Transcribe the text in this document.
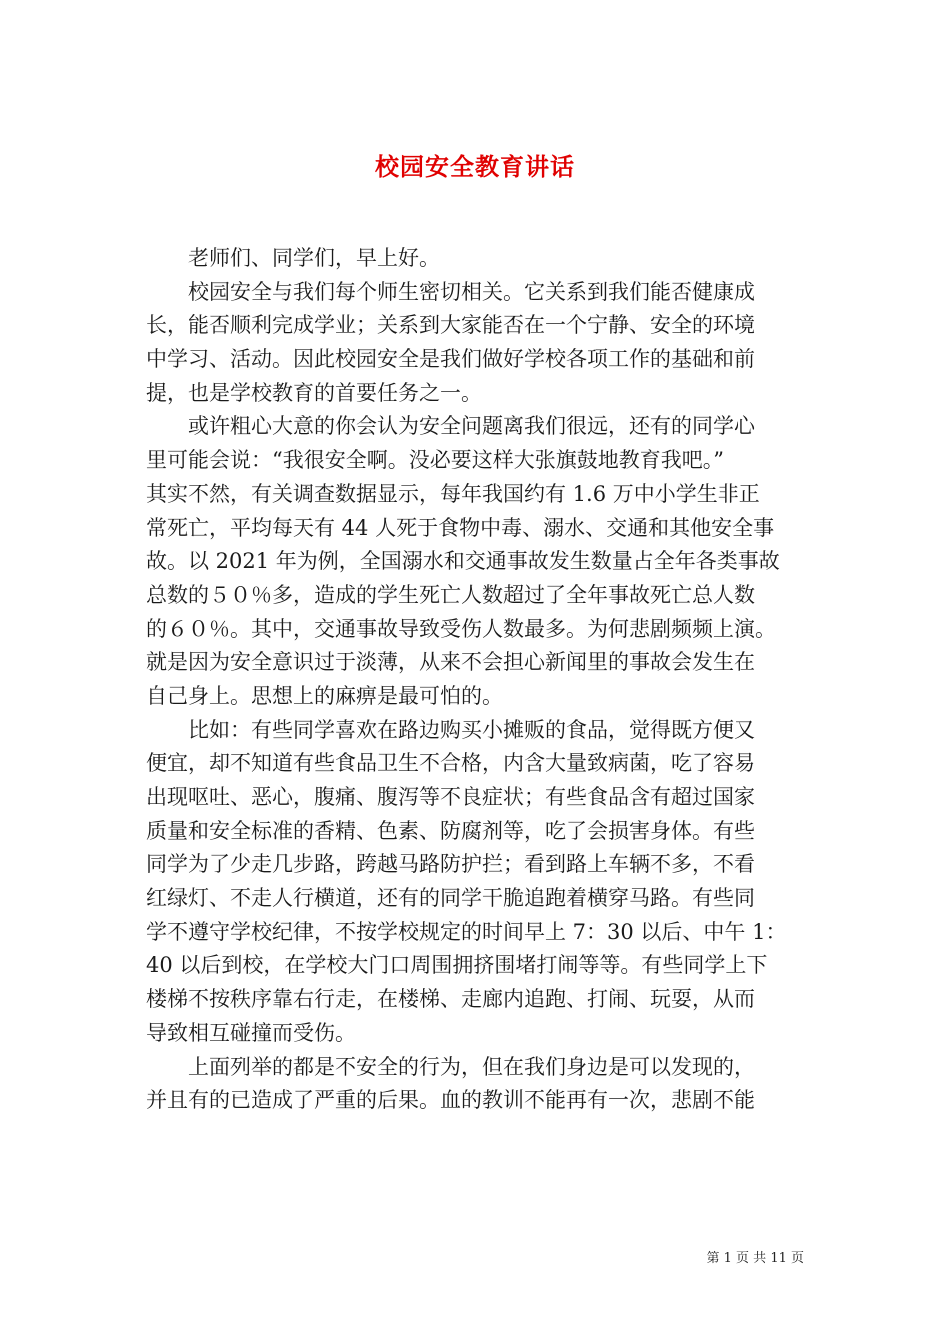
校园安全教育讲话

老师们、同学们，早上好。

校园安全与我们每个师生密切相关。它关系到我们能否健康成
长，能否顺利完成学业；关系到大家能否在一个宁静、安全的环境
中学习、活动。因此校园安全是我们做好学校各项工作的基础和前
提，也是学校教育的首要任务之一。

或许粗心大意的你会认为安全问题离我们很远，还有的同学心
里可能会说：“我很安全啊。没必要这样大张旗鼓地教育我吧。”
其实不然，有关调查数据显示，每年我国约有 1.6 万中小学生非正
常死亡，平均每天有 44 人死于食物中毒、溺水、交通和其他安全事
故。以 2021 年为例，全国溺水和交通事故发生数量占全年各类事故
总数的５０％多，造成的学生死亡人数超过了全年事故死亡总人数
的６０％。其中，交通事故导致受伤人数最多。为何悲剧频频上演。
就是因为安全意识过于淡薄，从来不会担心新闻里的事故会发生在
自己身上。思想上的麻痹是最可怕的。

比如：有些同学喜欢在路边购买小摊贩的食品，觉得既方便又
便宜，却不知道有些食品卫生不合格，内含大量致病菌，吃了容易
出现呕吐、恶心，腹痛、腹泻等不良症状；有些食品含有超过国家
质量和安全标准的香精、色素、防腐剂等，吃了会损害身体。有些
同学为了少走几步路，跨越马路防护拦；看到路上车辆不多，不看
红绿灯、不走人行横道，还有的同学干脆追跑着横穿马路。有些同
学不遵守学校纪律，不按学校规定的时间早上 7：30 以后、中午 1：
40 以后到校，在学校大门口周围拥挤围堵打闹等等。有些同学上下
楼梯不按秩序靠右行走，在楼梯、走廊内追跑、打闹、玩耍，从而
导致相互碰撞而受伤。

上面列举的都是不安全的行为，但在我们身边是可以发现的，
并且有的已造成了严重的后果。血的教训不能再有一次，悲剧不能

第 1 页 共 11 页
